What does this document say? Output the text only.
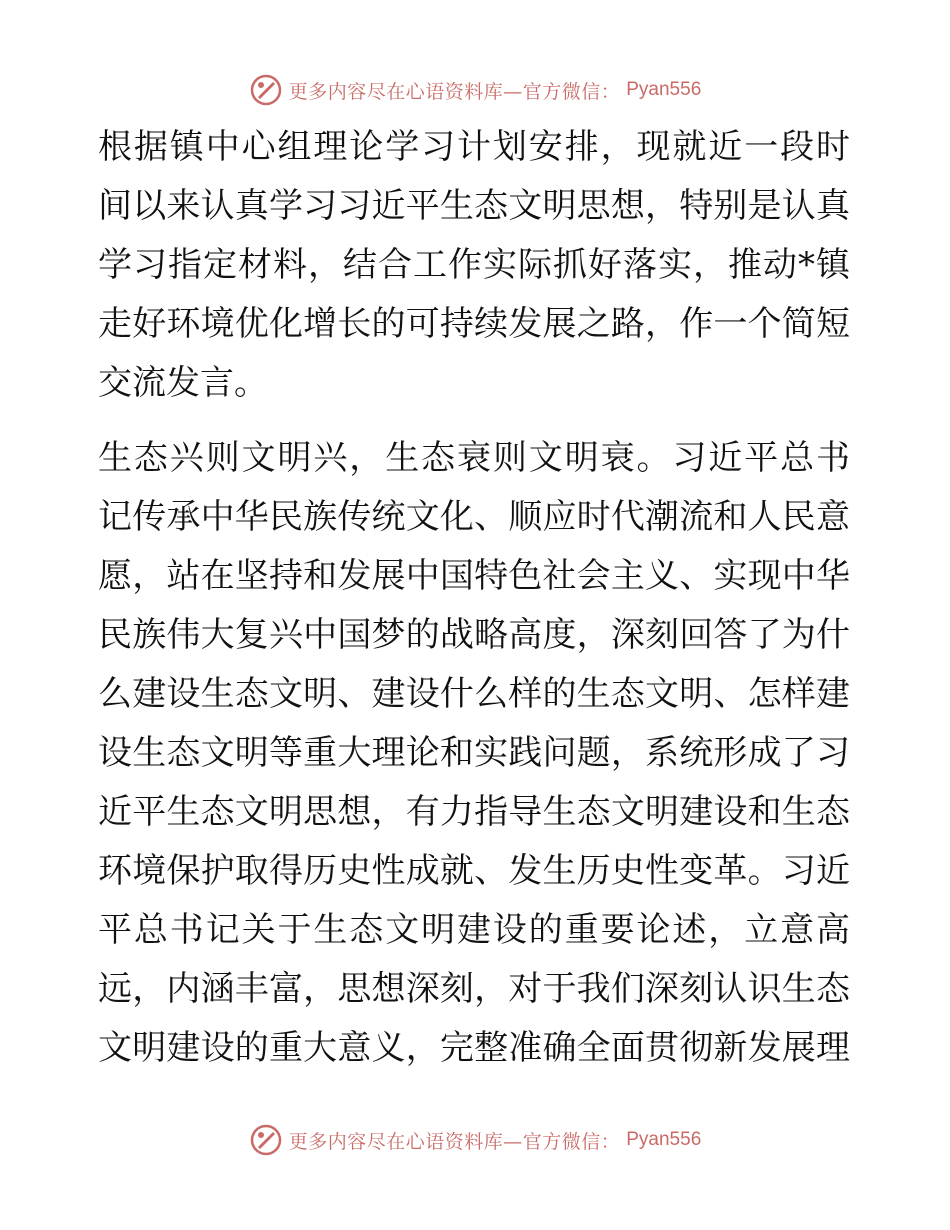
更多内容尽在心语资料库—官方微信： Pyan556

根据镇中心组理论学习计划安排，现就近一段时
间以来认真学习习近平生态文明思想，特别是认真
学习指定材料，结合工作实际抓好落实，推动*镇
走好环境优化增长的可持续发展之路，作一个简短
交流发言。

生态兴则文明兴，生态衰则文明衰。习近平总书
记传承中华民族传统文化、顺应时代潮流和人民意
愿，站在坚持和发展中国特色社会主义、实现中华
民族伟大复兴中国梦的战略高度，深刻回答了为什
么建设生态文明、建设什么样的生态文明、怎样建
设生态文明等重大理论和实践问题，系统形成了习
近平生态文明思想，有力指导生态文明建设和生态
环境保护取得历史性成就、发生历史性变革。习近
平总书记关于生态文明建设的重要论述，立意高
远，内涵丰富，思想深刻，对于我们深刻认识生态
文明建设的重大意义，完整准确全面贯彻新发展理

更多内容尽在心语资料库—官方微信： Pyan556
